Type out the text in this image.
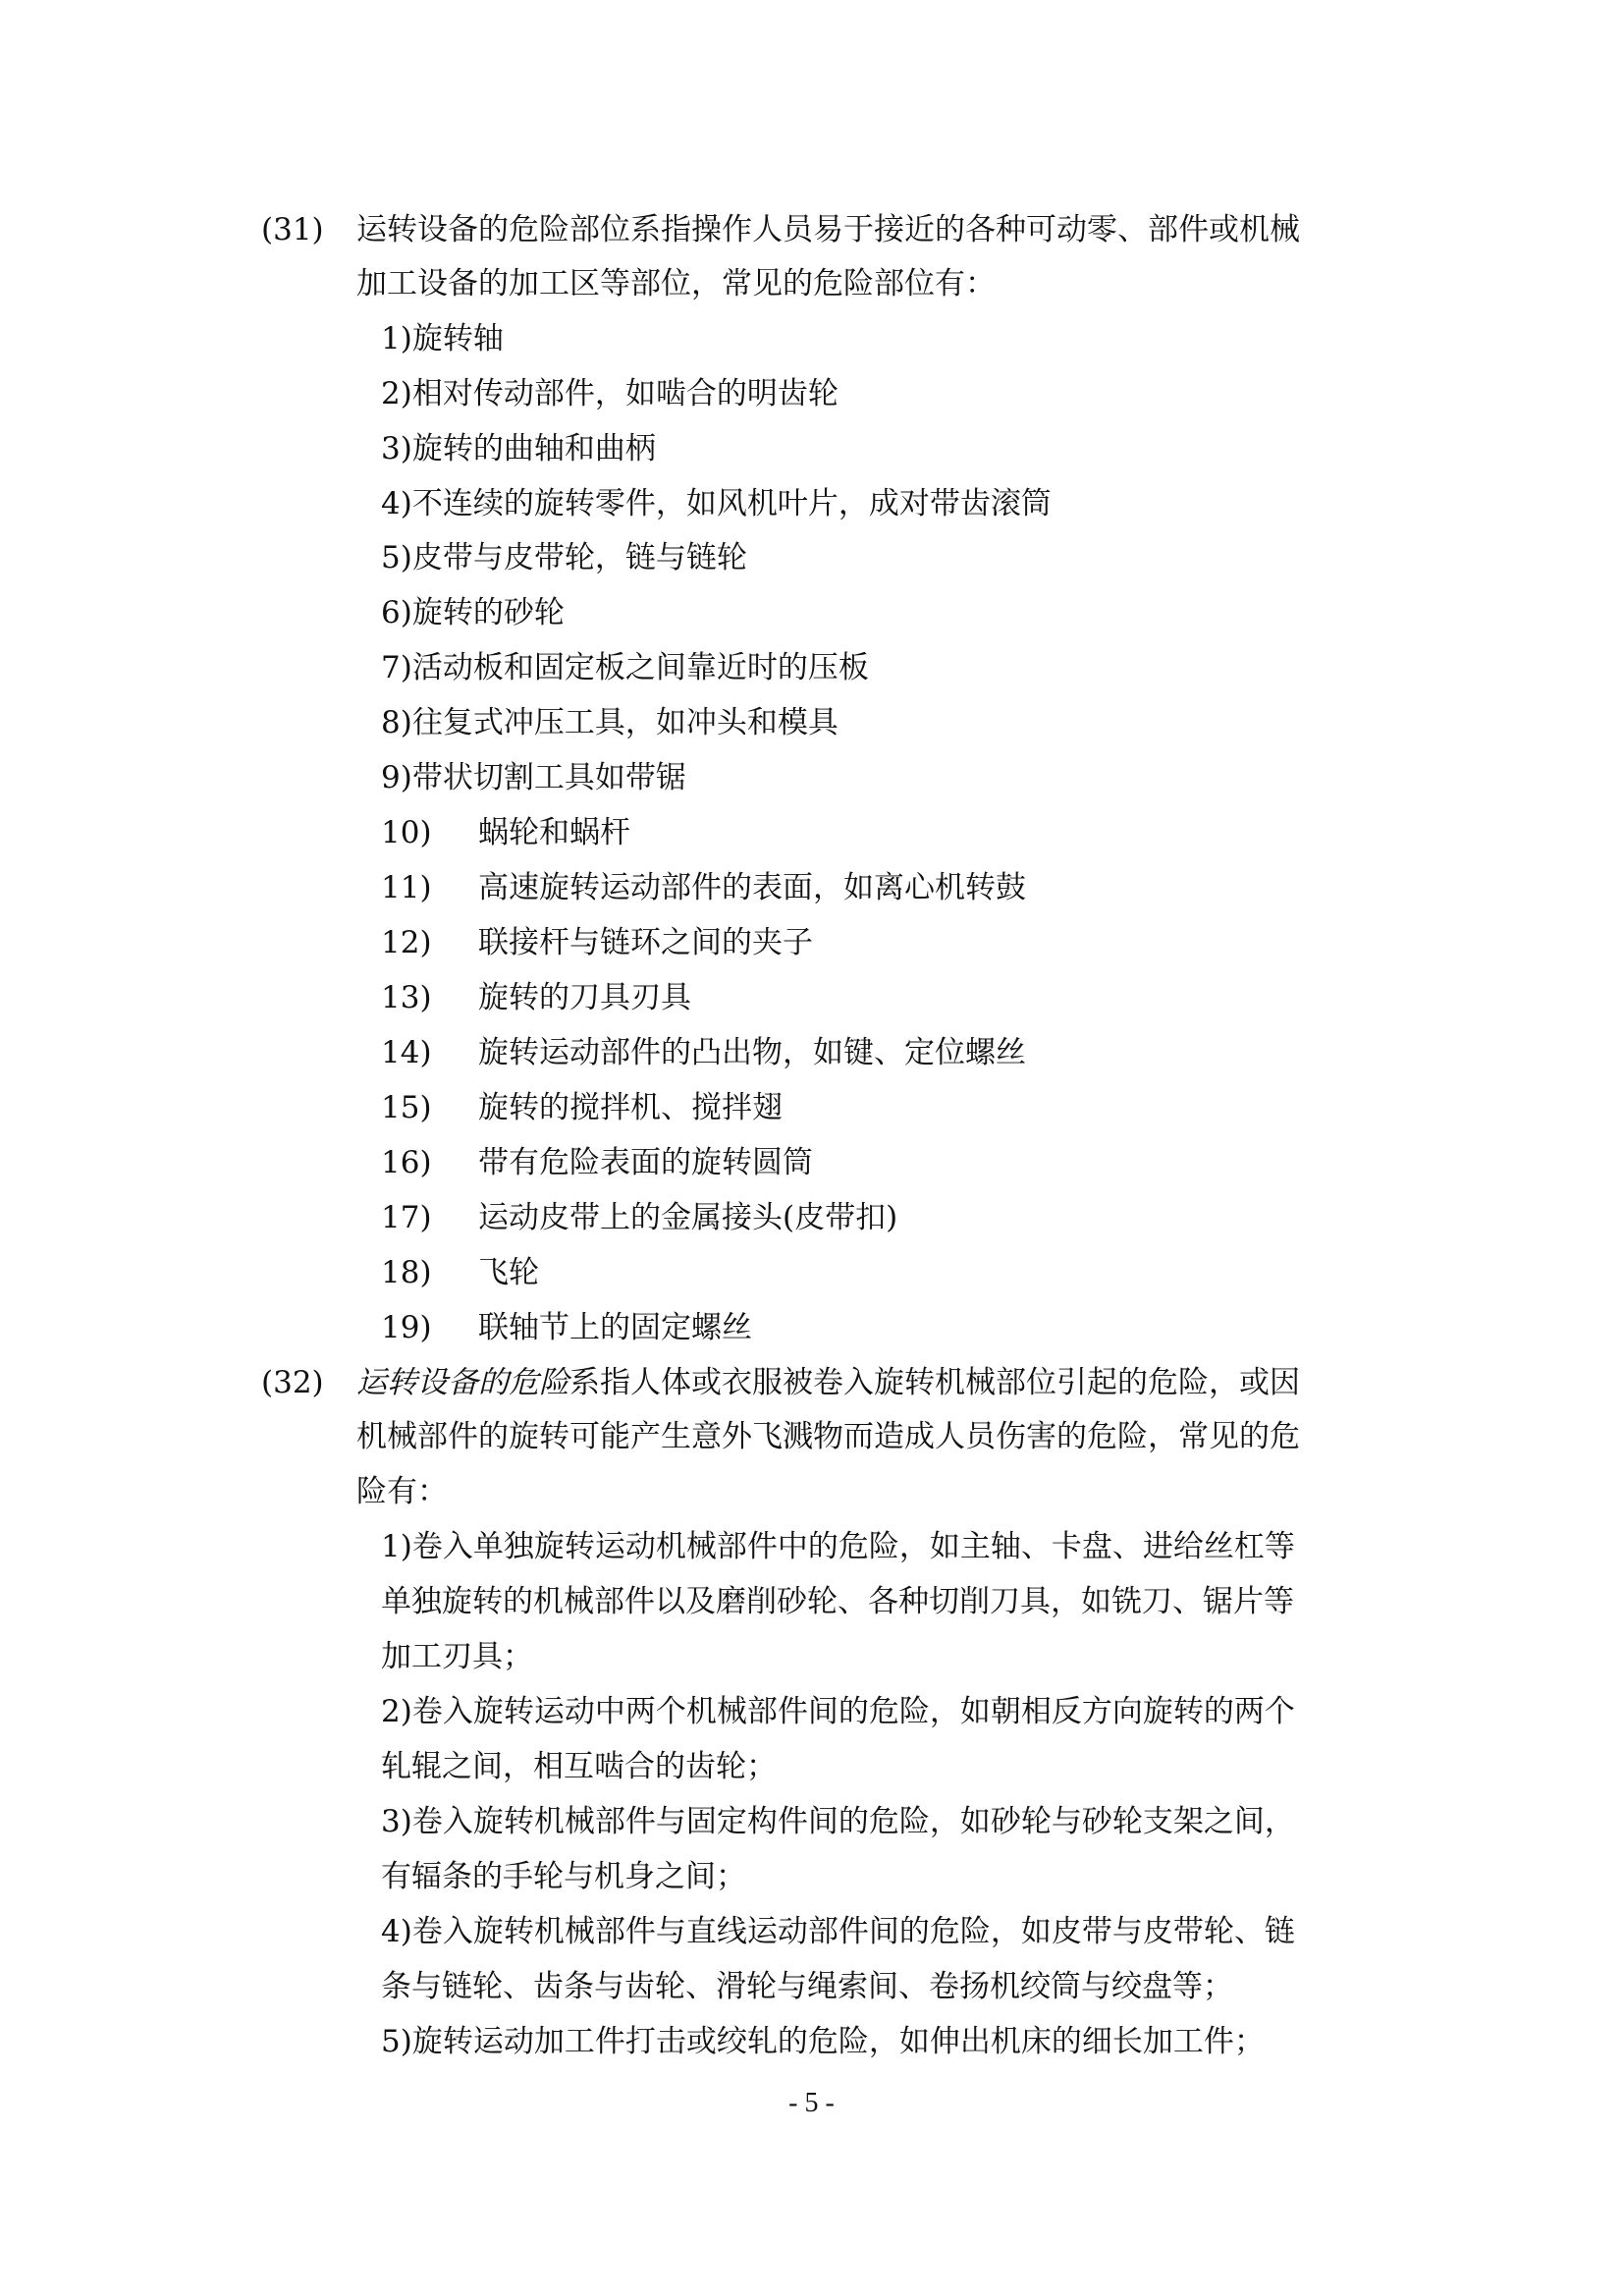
(31) 运转设备的危险部位系指操作人员易于接近的各种可动零、部件或机械
加工设备的加工区等部位，常见的危险部位有：
1)旋转轴
2)相对传动部件，如啮合的明齿轮
3)旋转的曲轴和曲柄
4)不连续的旋转零件，如风机叶片，成对带齿滚筒
5)皮带与皮带轮，链与链轮
6)旋转的砂轮
7)活动板和固定板之间靠近时的压板
8)往复式冲压工具，如冲头和模具
9)带状切割工具如带锯
10) 蜗轮和蜗杆
11) 高速旋转运动部件的表面，如离心机转鼓
12) 联接杆与链环之间的夹子
13) 旋转的刀具刃具
14) 旋转运动部件的凸出物，如键、定位螺丝
15) 旋转的搅拌机、搅拌翅
16) 带有危险表面的旋转圆筒
17) 运动皮带上的金属接头(皮带扣)
18) 飞轮
19) 联轴节上的固定螺丝
(32) 运转设备的危险系指人体或衣服被卷入旋转机械部位引起的危险，或因
机械部件的旋转可能产生意外飞溅物而造成人员伤害的危险，常见的危
险有：
1)卷入单独旋转运动机械部件中的危险，如主轴、卡盘、进给丝杠等
单独旋转的机械部件以及磨削砂轮、各种切削刀具，如铣刀、锯片等
加工刃具；
2)卷入旋转运动中两个机械部件间的危险，如朝相反方向旋转的两个
轧辊之间，相互啮合的齿轮；
3)卷入旋转机械部件与固定构件间的危险，如砂轮与砂轮支架之间，
有辐条的手轮与机身之间；
4)卷入旋转机械部件与直线运动部件间的危险，如皮带与皮带轮、链
条与链轮、齿条与齿轮、滑轮与绳索间、卷扬机绞筒与绞盘等；
5)旋转运动加工件打击或绞轧的危险，如伸出机床的细长加工件；
- 5 -
